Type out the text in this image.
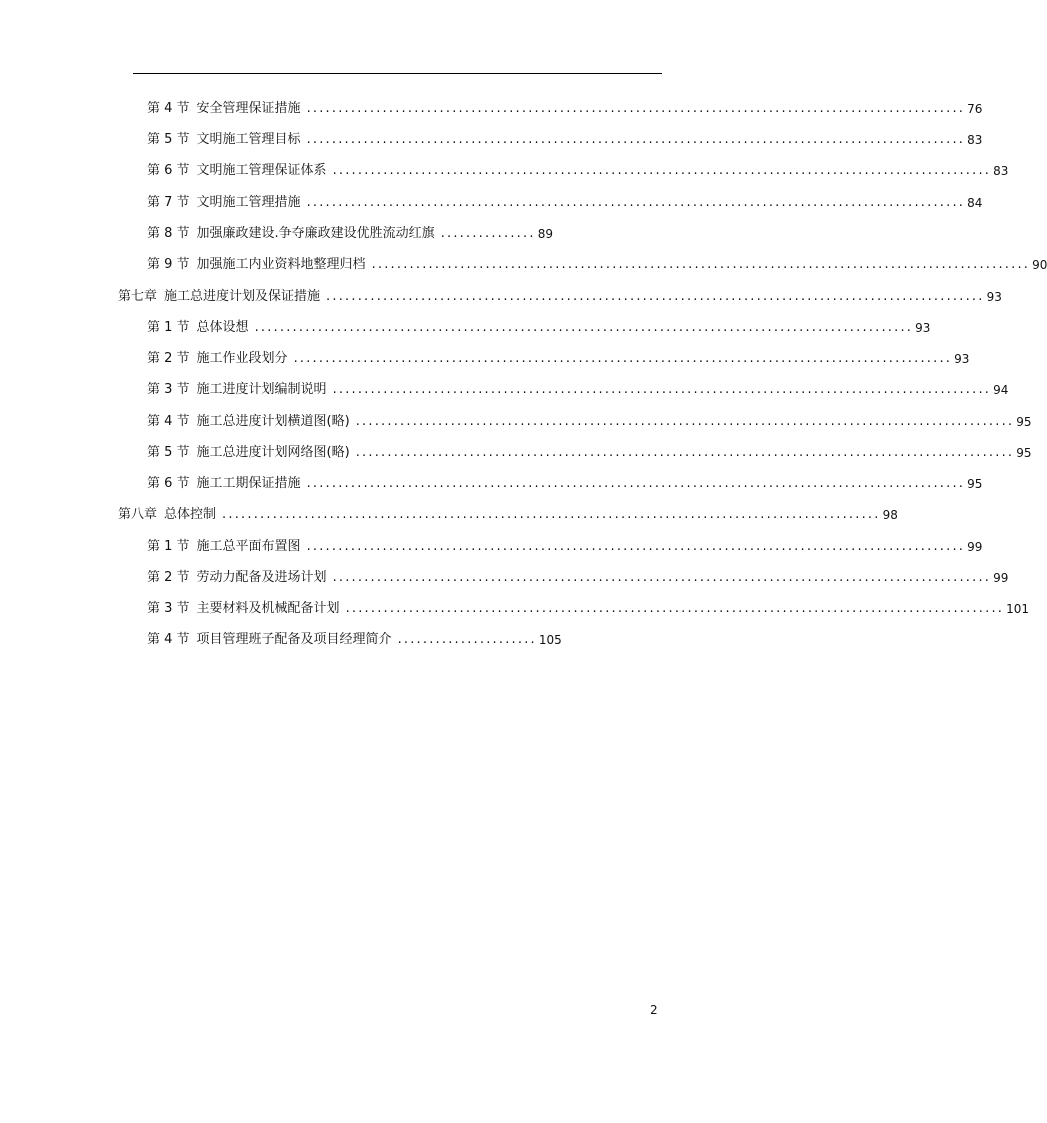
第 4 节 安全管理保证措施 ........................................................................................................ 76
第 5 节 文明施工管理目标 ........................................................................................................ 83
第 6 节 文明施工管理保证体系 ........................................................................................................ 83
第 7 节 文明施工管理措施 ........................................................................................................ 84
第 8 节 加强廉政建设.争夺廉政建设优胜流动红旗 ............... 89
第 9 节 加强施工内业资料地整理归档 ........................................................................................................ 90
第七章 施工总进度计划及保证措施 ........................................................................................................ 93
第 1 节 总体设想 ........................................................................................................ 93
第 2 节 施工作业段划分 ........................................................................................................ 93
第 3 节 施工进度计划编制说明 ........................................................................................................ 94
第 4 节 施工总进度计划横道图(略) ........................................................................................................ 95
第 5 节 施工总进度计划网络图(略) ........................................................................................................ 95
第 6 节 施工工期保证措施 ........................................................................................................ 95
第八章 总体控制 ........................................................................................................ 98
第 1 节 施工总平面布置图 ........................................................................................................ 99
第 2 节 劳动力配备及进场计划 ........................................................................................................ 99
第 3 节 主要材料及机械配备计划 ........................................................................................................ 101
第 4 节 项目管理班子配备及项目经理简介 ...................... 105
2
